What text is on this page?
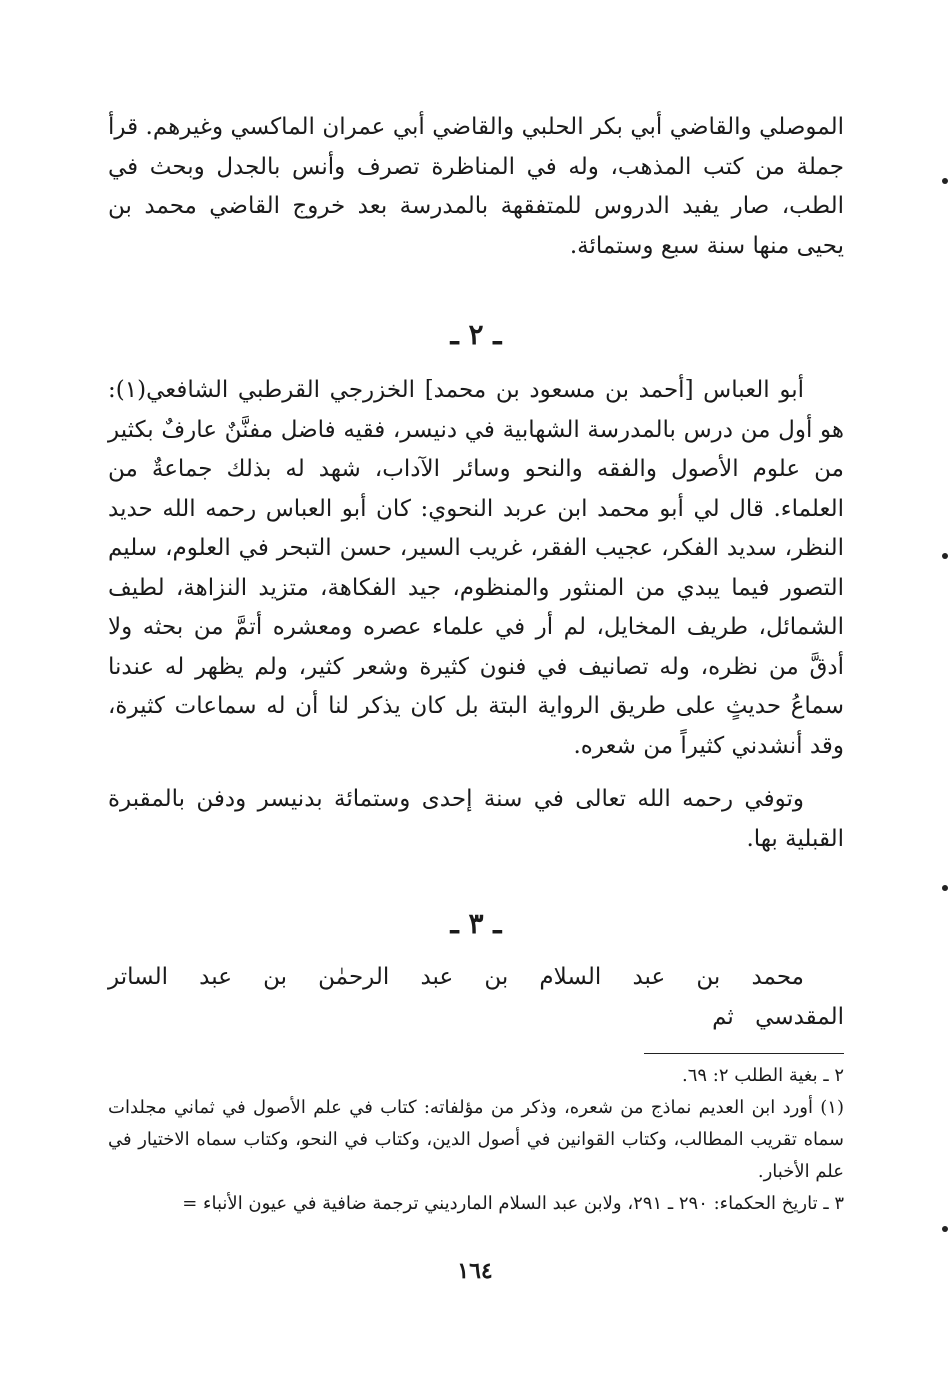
الموصلي والقاضي أبي بكر الحلبي والقاضي أبي عمران الماكسي وغيرهم. قرأ جملة من كتب المذهب، وله في المناظرة تصرف وأنس بالجدل وبحث في الطب، صار يفيد الدروس للمتفقهة بالمدرسة بعد خروج القاضي محمد بن يحيى منها سنة سبع وستمائة.

ـ ٢ ـ

أبو العباس [أحمد بن مسعود بن محمد] الخزرجي القرطبي الشافعي(١): هو أول من درس بالمدرسة الشهابية في دنيسر، فقيه فاضل مفنَّنٌ عارفٌ بكثير من علوم الأصول والفقه والنحو وسائر الآداب، شهد له بذلك جماعةٌ من العلماء. قال لي أبو محمد ابن عربد النحوي: كان أبو العباس رحمه الله حديد النظر، سديد الفكر، عجيب الفقر، غريب السير، حسن التبحر في العلوم، سليم التصور فيما يبدي من المنثور والمنظوم، جيد الفكاهة، متزيد النزاهة، لطيف الشمائل، طريف المخايل، لم أر في علماء عصره ومعشره أتمَّ من بحثه ولا أدقَّ من نظره، وله تصانيف في فنون كثيرة وشعر كثير، ولم يظهر له عندنا سماعُ حديثٍ على طريق الرواية البتة بل كان يذكر لنا أن له سماعات كثيرة، وقد أنشدني كثيراً من شعره.

وتوفي رحمه الله تعالى في سنة إحدى وستمائة بدنيسر ودفن بالمقبرة القبلية بها.

ـ ٣ ـ

محمد بن عبد السلام بن عبد الرحمٰن بن عبد الساتر المقدسي ثم

٢ ـ بغية الطلب ٢: ٦٩.

(١) أورد ابن العديم نماذج من شعره، وذكر من مؤلفاته: كتاب في علم الأصول في ثماني مجلدات سماه تقريب المطالب، وكتاب القوانين في أصول الدين، وكتاب في النحو، وكتاب سماه الاختيار في علم الأخبار.

٣ ـ تاريخ الحكماء: ٢٩٠ ـ ٢٩١، ولابن عبد السلام المارديني ترجمة ضافية في عيون الأنباء =

١٦٤
